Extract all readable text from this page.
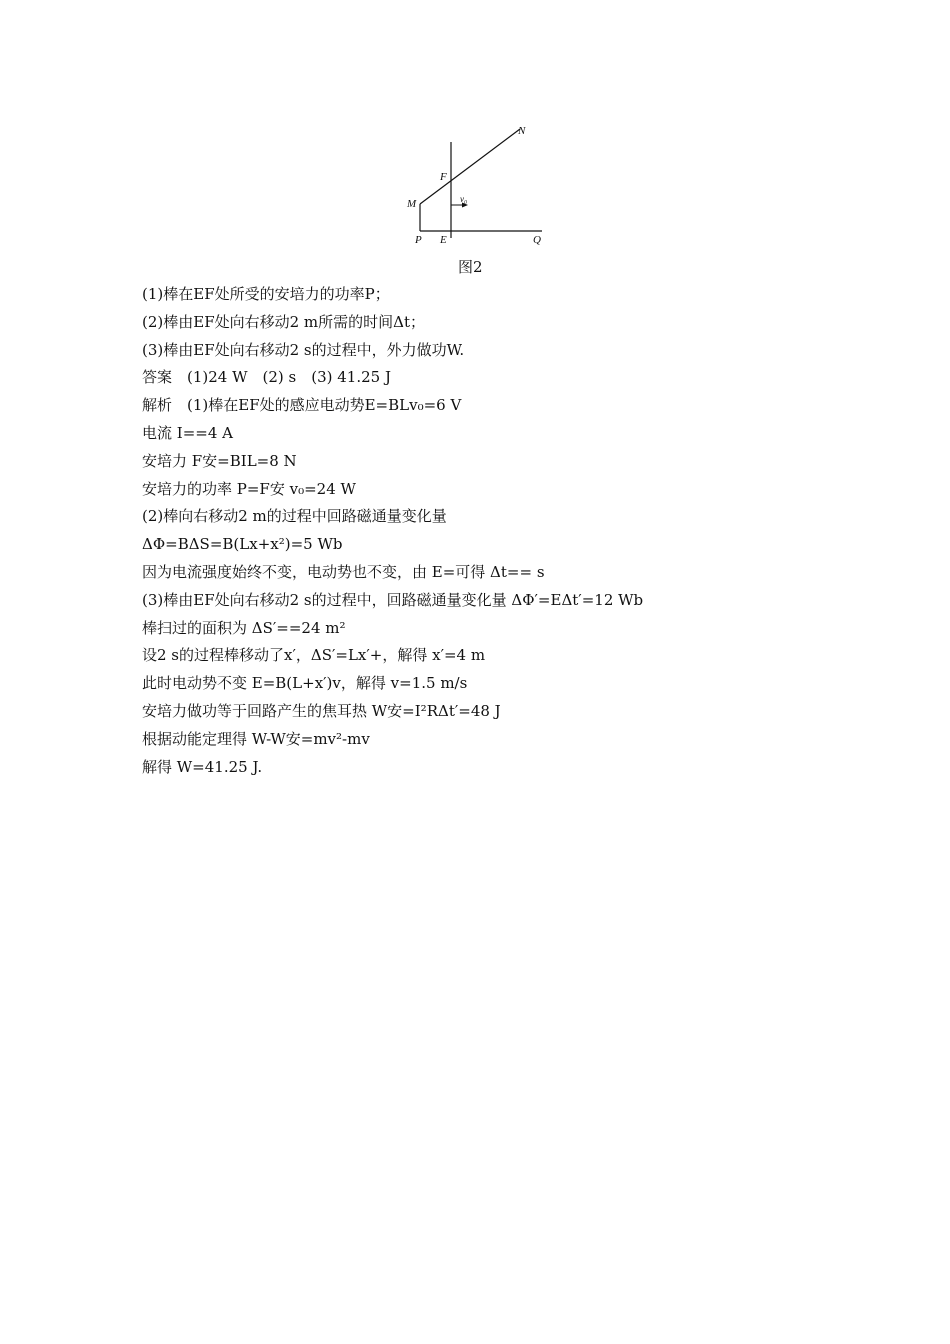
N
F
M	v₀
P E	Q
图2
(1)棒在EF处所受的安培力的功率P；
(2)棒由EF处向右移动2 m所需的时间Δt；
(3)棒由EF处向右移动2 s的过程中，外力做功W.
答案　(1)24 W　(2) s　(3) 41.25 J
解析　(1)棒在EF处的感应电动势E=BLv₀=6 V
电流 I==4 A
安培力 F安=BIL=8 N
安培力的功率 P=F安 v₀=24 W
(2)棒向右移动2 m的过程中回路磁通量变化量
ΔΦ=BΔS=B(Lx+x²)=5 Wb
因为电流强度始终不变，电动势也不变，由 E=可得 Δt== s
(3)棒由EF处向右移动2 s的过程中，回路磁通量变化量 ΔΦ′=EΔt′=12 Wb
棒扫过的面积为 ΔS′==24 m²
设2 s的过程棒移动了x′，ΔS′=Lx′+，解得 x′=4 m
此时电动势不变 E=B(L+x′)v，解得 v=1.5 m/s
安培力做功等于回路产生的焦耳热 W安=I²RΔt′=48 J
根据动能定理得 W-W安=mv²-mv
解得 W=41.25 J.
